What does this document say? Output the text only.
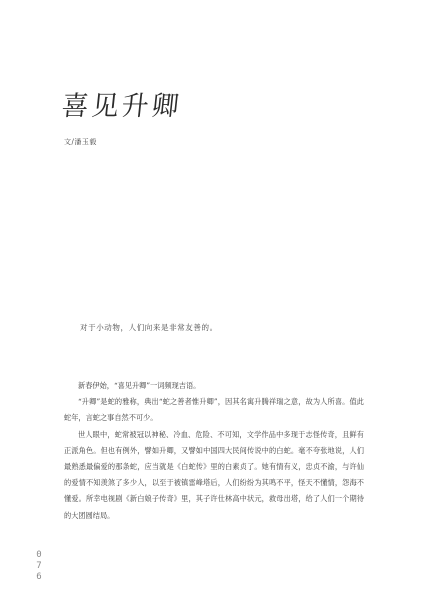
喜见升卿
文/潘玉毅
对于小动物，人们向来是非常友善的。

新春伊始，“喜见升卿”一词频现吉语。

“升卿”是蛇的雅称，典出“蛇之善者惟升卿”，因其名寓升腾祥瑞之意，故为人所喜。值此蛇年，言蛇之事自然不可少。

世人眼中，蛇常被冠以神秘、冷血、危险、不可知，文学作品中多现于志怪传奇，且鲜有正派角色。但也有例外，譬如升卿，又譬如中国四大民间传说中的白蛇。毫不夸张地说，人们最熟悉最偏爱的那条蛇，应当就是《白蛇传》里的白素贞了。她有情有义，忠贞不渝，与许仙的爱情不知羡煞了多少人，以至于被镇雷峰塔后，人们纷纷为其鸣不平，怪天不懂情，怨海不懂爱。所幸电视剧《新白娘子传奇》里，其子许仕林高中状元，救母出塔，给了人们一个期待的大团圆结局。

0
7
6
